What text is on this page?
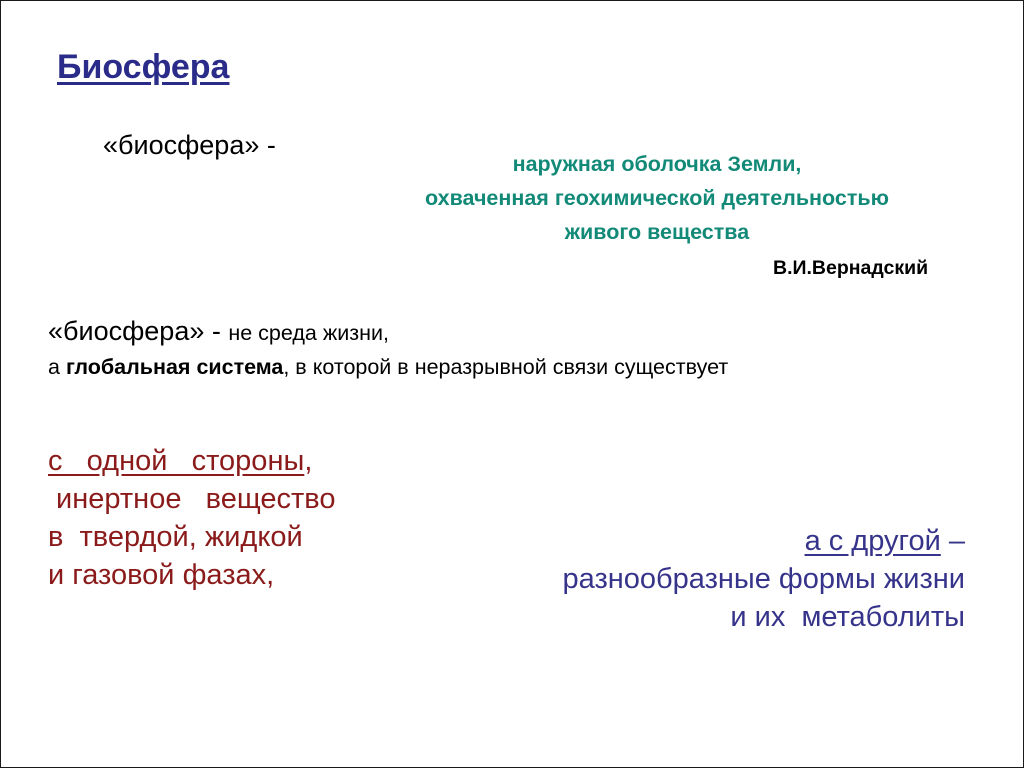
Биосфера
«биосфера» -
наружная оболочка Земли,
охваченная геохимической деятельностью
живого вещества
В.И.Вернадский
«биосфера» - не среда жизни,
а глобальная система, в которой в неразрывной связи существует
с   одной   стороны,
инертное   вещество
в  твердой, жидкой
и газовой фазах,
а с другой –
разнообразные формы жизни
и их  метаболиты
